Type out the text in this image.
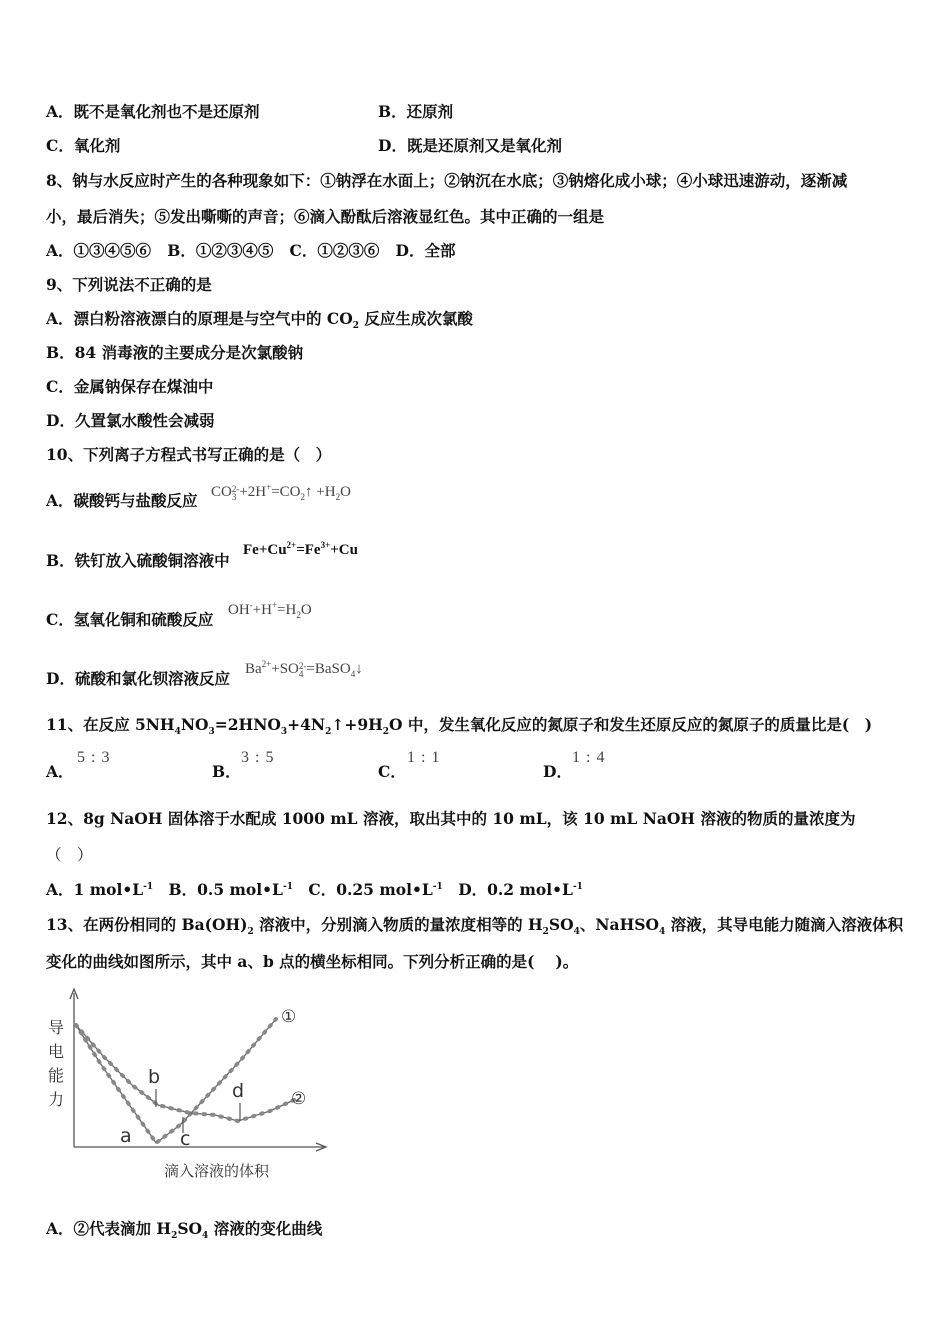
A．既不是氧化剂也不是还原剂	B．还原剂
C．氧化剂	D．既是还原剂又是氧化剂
8、钠与水反应时产生的各种现象如下：①钠浮在水面上；②钠沉在水底；③钠熔化成小球；④小球迅速游动，逐渐减
小，最后消失；⑤发出嘶嘶的声音；⑥滴入酚酞后溶液显红色。其中正确的一组是
A．①③④⑤⑥   B．①②③④⑤   C．①②③⑥   D．全部
9、下列说法不正确的是
A．漂白粉溶液漂白的原理是与空气中的 $CO_2$ 反应生成次氯酸
B．84 消毒液的主要成分是次氯酸钠
C．金属钠保存在煤油中
D．久置氯水酸性会减弱
10、下列离子方程式书写正确的是（　）
A．碳酸钙与盐酸反应 CO 2-
$3 +2H^+=CO_2↑ +H_2O$
B．铁钉放入硫酸铜溶液中
$Fe+Cu^{2+}=Fe^{3+}+Cu$
C．氢氧化铜和硫酸反应 $OH^-+H^+=H_2O$
D．硫酸和氯化钡溶液反应 $Ba^{2+}+SO$ 2-
4 =BaSO$_4$↓
11、在反应 $5NH_4NO_3=2HNO_3+4N_2↑+9H_2O$ 中，发生氧化反应的氮原子和发生还原反应的氮原子的质量比是(　)
A．
5 : 3
B．
3 : 5
C．
1 : 1
D．
1 : 4
12、8g NaOH 固体溶于水配成 1000 mL 溶液，取出其中的 10 mL，该 10 mL NaOH 溶液的物质的量浓度为
（　）
A．1 $mol•L^{-1}$ B．0.5 $mol•L^{-1}$ C．0.25 $mol•L^{-1}$ D．0.2 $mol•L^{-1}$
13、在两份相同的 $Ba(OH)_2$ 溶液中，分别滴入物质的量浓度相等的 $H_2SO_4$、NaHSO$_4$ 溶液，其导电能力随滴入溶液体积
变化的曲线如图所示，其中 a、b 点的横坐标相同。下列分析正确的是(　 )。
导
电
能
力
滴入溶液的体积
a
b
c
d
①
②
A．②代表滴加 $H_2SO_4$ 溶液的变化曲线
